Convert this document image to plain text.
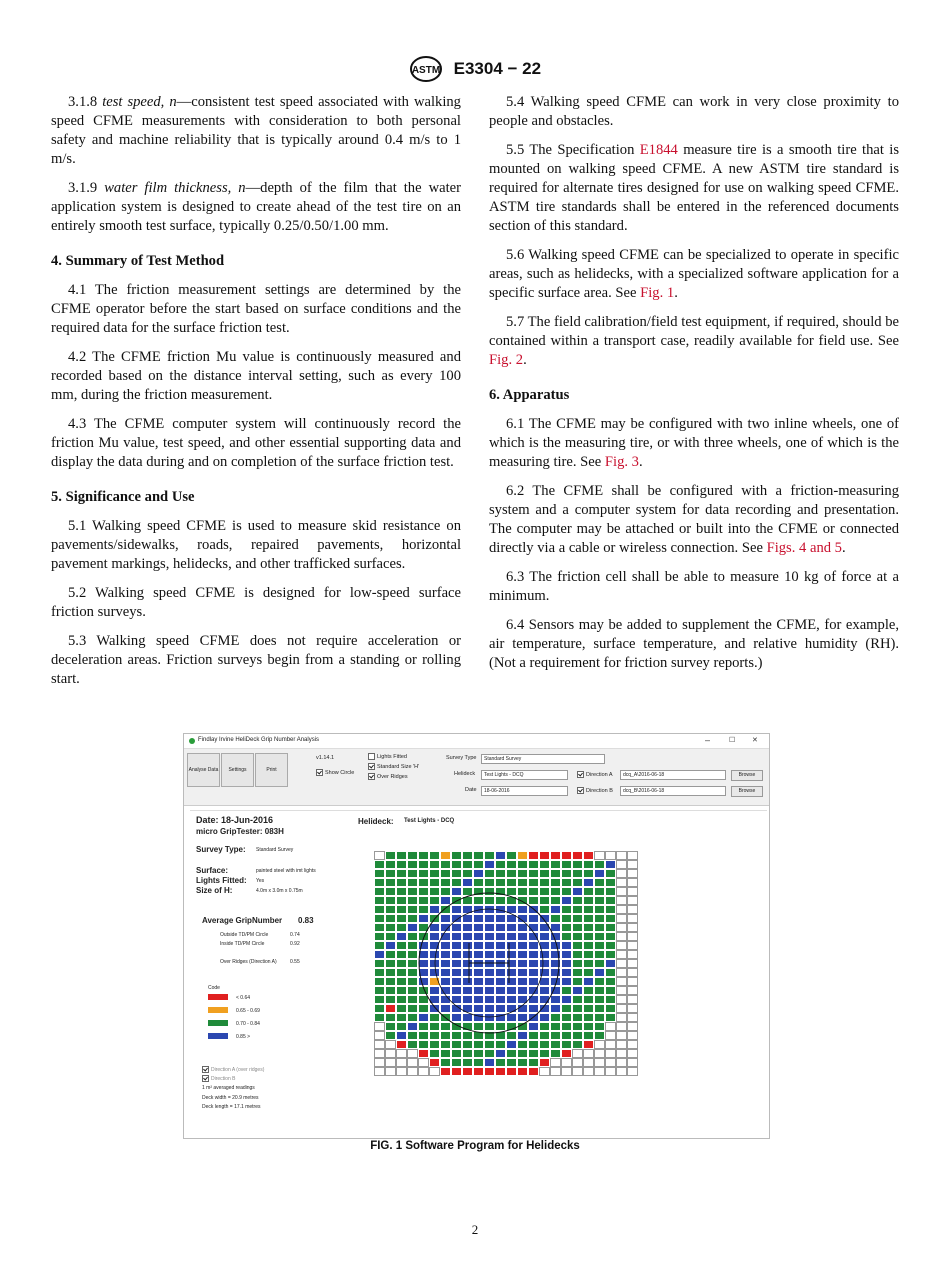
ASTM E3304 − 22

3.1.8 test speed, n—consistent test speed associated with walking speed CFME measurements with consideration to both personal safety and machine reliability that is typically around 0.4 m/s to 1 m/s.

3.1.9 water film thickness, n—depth of the film that the water application system is designed to create ahead of the test tire on an entirely smooth test surface, typically 0.25/0.50/1.00 mm.

4. Summary of Test Method

4.1 The friction measurement settings are determined by the CFME operator before the start based on surface conditions and the required data for the surface friction test.

4.2 The CFME friction Mu value is continuously measured and recorded based on the distance interval setting, such as every 100 mm, during the friction measurement.

4.3 The CFME computer system will continuously record the friction Mu value, test speed, and other essential supporting data and display the data during and on completion of the surface friction test.

5. Significance and Use

5.1 Walking speed CFME is used to measure skid resistance on pavements/sidewalks, roads, repaired pavements, horizontal pavement markings, helidecks, and other trafficked surfaces.

5.2 Walking speed CFME is designed for low-speed surface friction surveys.

5.3 Walking speed CFME does not require acceleration or deceleration areas. Friction surveys begin from a standing or rolling start.

5.4 Walking speed CFME can work in very close proximity to people and obstacles.

5.5 The Specification E1844 measure tire is a smooth tire that is mounted on walking speed CFME. A new ASTM tire standard is required for alternate tires designed for use on walking speed CFME. ASTM tire standards shall be entered in the referenced documents section of this standard.

5.6 Walking speed CFME can be specialized to operate in specific areas, such as helidecks, with a specialized software application for a specific surface area. See Fig. 1.

5.7 The field calibration/field test equipment, if required, should be contained within a transport case, readily available for field use. See Fig. 2.

6. Apparatus

6.1 The CFME may be configured with two inline wheels, one of which is the measuring tire, or with three wheels, one of which is the measuring tire. See Fig. 3.

6.2 The CFME shall be configured with a friction-measuring system and a computer system for data recording and presentation. The computer may be attached or built into the CFME or connected directly via a cable or wireless connection. See Figs. 4 and 5.

6.3 The friction cell shall be able to measure 10 kg of force at a minimum.

6.4 Sensors may be added to supplement the CFME, for example, air temperature, surface temperature, and relative humidity (RH). (Not a requirement for friction survey reports.)

Findlay Irvine HeliDeck Grip Number Analysis	–	☐ ✕
Analyse Data	Settings	Print
v1.14.1
Show Circle
Lights Fitted
Standard Size 'H'
Over Ridges
Survey Type	Standard Survey
Helideck	Test Lights - DCQ
Date	18-06-2016
Direction A	dcq_A\2016-06-18	Browse
Direction B	dcq_B\2016-06-18	Browse
Date: 18-Jun-2016
micro GripTester: 083H
Helideck: Test Lights - DCQ
Survey Type: Standard Survey
Surface:	painted steel with imt lights
Lights Fitted: Yes
Size of H:	4.0m x 3.0m x 0.75m
Average GripNumber 0.83
Outside TD/PM Circle	0.74
Inside TD/PM Circle	0.92
Over Ridges (Direction A)	0.55
Code
< 0.64
0.65 - 0.69
0.70 - 0.84
0.85 >
Direction A (over ridges)
Direction B
1 m² averaged readings
Deck width = 20.9 metres
Deck length = 17.1 metres
FIG. 1 Software Program for Helidecks
2
